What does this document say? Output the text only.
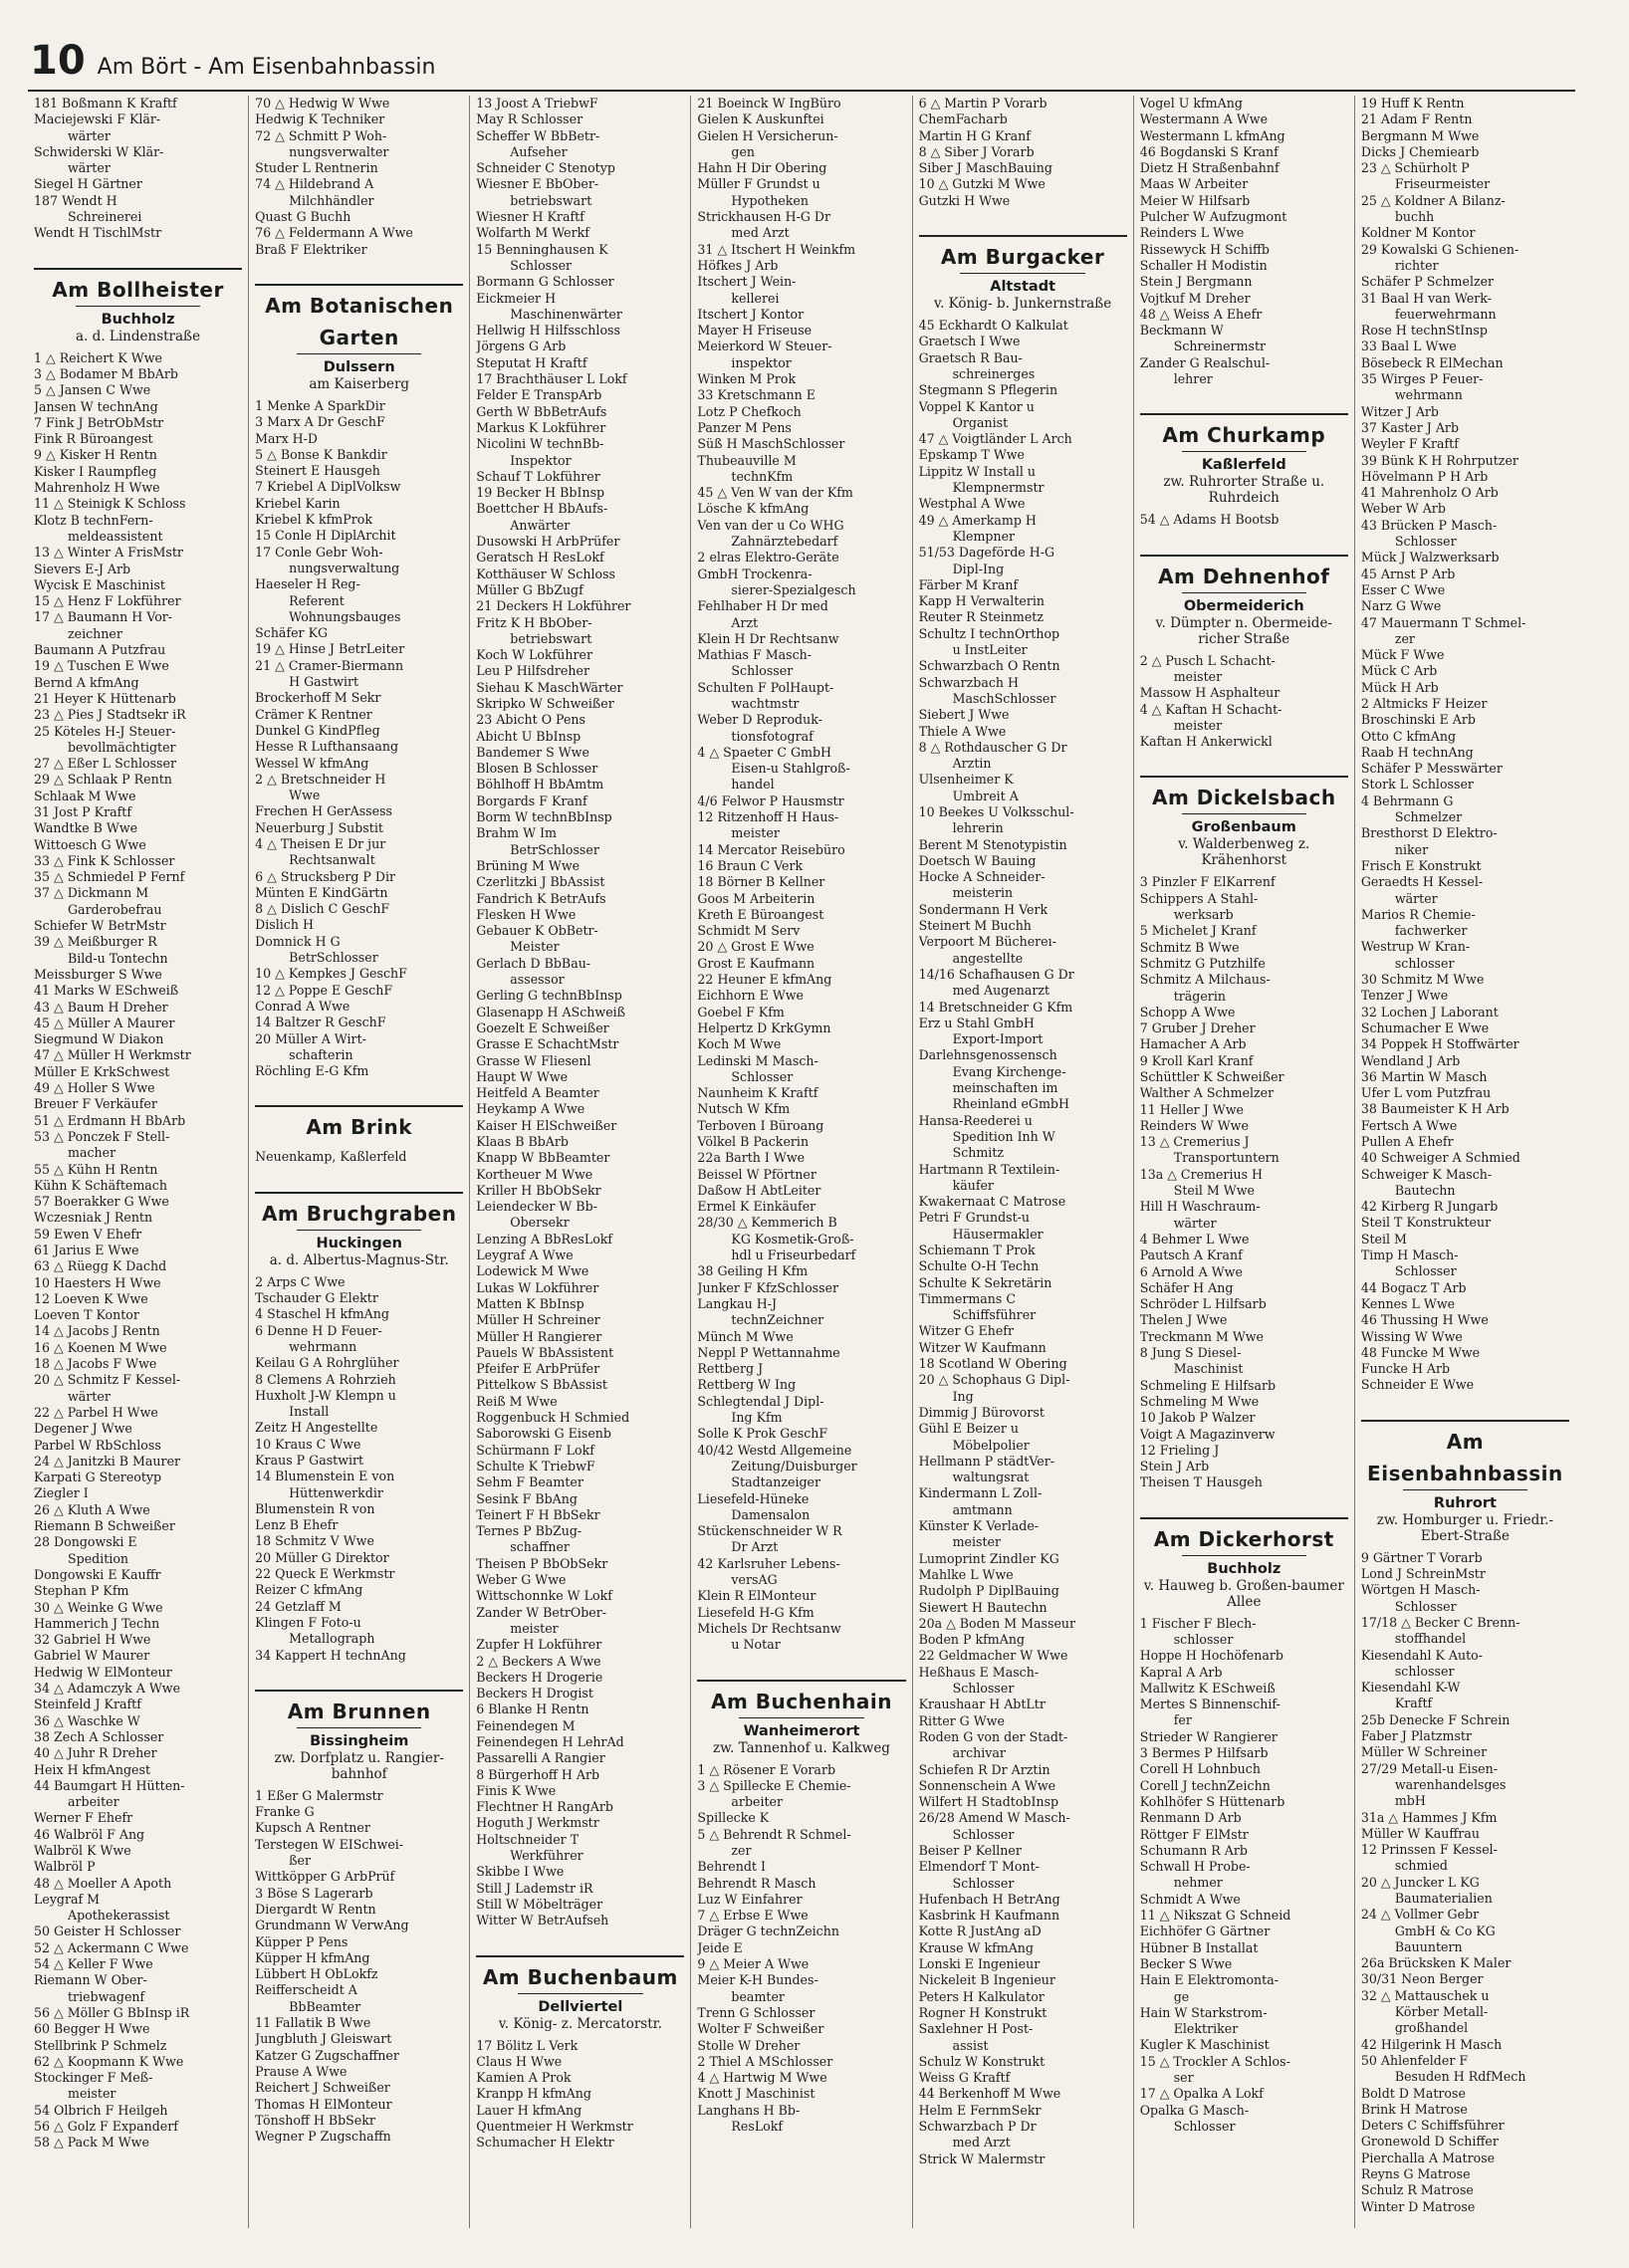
10 Am Bört - Am Eisenbahnbassin
181 Boßmann K Kraftf
Maciejewski F Klär-
wärter
Schwiderski W Klär-
wärter
Siegel H Gärtner
187 Wendt H
Schreinerei
Wendt H TischlMstr
Am Bollheister
Buchholz
a. d. Lindenstraße
1 △ Reichert K Wwe
3 △ Bodamer M BbArb
5 △ Jansen C Wwe
Jansen W technAng
7 Fink J BetrObMstr
Fink R Büroangest
9 △ Kisker H Rentn
Kisker I Raumpfleg
Mahrenholz H Wwe
11 △ Steinigk K Schloss
Klotz B technFern-
meldeassistent
13 △ Winter A FrisMstr
Sievers E-J Arb
Wycisk E Maschinist
15 △ Henz F Lokführer
17 △ Baumann H Vor-
zeichner
Baumann A Putzfrau
19 △ Tuschen E Wwe
Bernd A kfmAng
21 Heyer K Hüttenarb
23 △ Pies J Stadtsekr iR
25 Köteles H-J Steuer-
bevollmächtigter
27 △ Eßer L Schlosser
29 △ Schlaak P Rentn
Schlaak M Wwe
31 Jost P Kraftf
Wandtke B Wwe
Wittoesch G Wwe
33 △ Fink K Schlosser
35 △ Schmiedel P Fernf
37 △ Dickmann M
Garderobefrau
Schiefer W BetrMstr
39 △ Meißburger R
Bild-u Tontechn
Meissburger S Wwe
41 Marks W ESchweiß
43 △ Baum H Dreher
45 △ Müller A Maurer
Siegmund W Diakon
47 △ Müller H Werkmstr
Müller E KrkSchwest
49 △ Holler S Wwe
Breuer F Verkäufer
51 △ Erdmann H BbArb
53 △ Ponczek F Stell-
macher
55 △ Kühn H Rentn
Kühn K Schäftemach
57 Boerakker G Wwe
Wczesniak J Rentn
59 Ewen V Ehefr
61 Jarius E Wwe
63 △ Rüegg K Dachd
10 Haesters H Wwe
12 Loeven K Wwe
Loeven T Kontor
14 △ Jacobs J Rentn
16 △ Koenen M Wwe
18 △ Jacobs F Wwe
20 △ Schmitz F Kessel-
wärter
22 △ Parbel H Wwe
Degener J Wwe
Parbel W RbSchloss
24 △ Janitzki B Maurer
Karpati G Stereotyp
Ziegler I
26 △ Kluth A Wwe
Riemann B Schweißer
28 Dongowski E
Spedition
Dongowski E Kauffr
Stephan P Kfm
30 △ Weinke G Wwe
Hammerich J Techn
32 Gabriel H Wwe
Gabriel W Maurer
Hedwig W ElMonteur
34 △ Adamczyk A Wwe
Steinfeld J Kraftf
36 △ Waschke W
38 Zech A Schlosser
40 △ Juhr R Dreher
Heix H kfmAngest
44 Baumgart H Hütten-
arbeiter
Werner F Ehefr
46 Walbröl F Ang
Walbröl K Wwe
Walbröl P
48 △ Moeller A Apoth
Leygraf M
Apothekerassist
50 Geister H Schlosser
52 △ Ackermann C Wwe
54 △ Keller F Wwe
Riemann W Ober-
triebwagenf
56 △ Möller G BbInsp iR
60 Begger H Wwe
Stellbrink P Schmelz
62 △ Koopmann K Wwe
Stockinger F Meß-
meister
54 Olbrich F Heilgeh
56 △ Golz F Expanderf
58 △ Pack M Wwe
70 △ Hedwig W Wwe
Hedwig K Techniker
72 △ Schmitt P Woh-
nungsverwalter
Studer L Rentnerin
74 △ Hildebrand A
Milchhändler
Quast G Buchh
76 △ Feldermann A Wwe
Braß F Elektriker
Am Botanischen Garten
Dulssern
am Kaiserberg
1 Menke A SparkDir
3 Marx A Dr GeschF
Marx H-D
5 △ Bonse K Bankdir
Steinert E Hausgeh
7 Kriebel A DiplVolksw
Kriebel Karin
Kriebel K kfmProk
15 Conle H DiplArchit
17 Conle Gebr Woh-
nungsverwaltung
Haeseler H Reg-
Referent
Wohnungsbauges
Schäfer KG
19 △ Hinse J BetrLeiter
21 △ Cramer-Biermann
H Gastwirt
Brockerhoff M Sekr
Crämer K Rentner
Dunkel G KindPfleg
Hesse R Lufthansaang
Wessel W kfmAng
2 △ Bretschneider H
Wwe
Frechen H GerAssess
Neuerburg J Substit
4 △ Theisen E Dr jur
Rechtsanwalt
6 △ Strucksberg P Dir
Münten E KindGärtn
8 △ Dislich C GeschF
Dislich H
Domnick H G
BetrSchlosser
10 △ Kempkes J GeschF
12 △ Poppe E GeschF
Conrad A Wwe
14 Baltzer R GeschF
20 Müller A Wirt-
schafterin
Röchling E-G Kfm
Am Brink
Neuenkamp, Kaßlerfeld
Am Bruchgraben
Huckingen
a. d. Albertus-Magnus-Str.
2 Arps C Wwe
Tschauder G Elektr
4 Staschel H kfmAng
6 Denne H D Feuer-
wehrmann
Keilau G A Rohrglüher
8 Clemens A Rohrzieh
Huxholt J-W Klempn u
Install
Zeitz H Angestellte
10 Kraus C Wwe
Kraus P Gastwirt
14 Blumenstein E von
Hüttenwerkdir
Blumenstein R von
Lenz B Ehefr
18 Schmitz V Wwe
20 Müller G Direktor
22 Queck E Werkmstr
Reizer C kfmAng
24 Getzlaff M
Klingen F Foto-u
Metallograph
34 Kappert H technAng
Am Brunnen
Bissingheim
zw. Dorfplatz u. Rangier-bahnhof
1 Eßer G Malermstr
Franke G
Kupsch A Rentner
Terstegen W EISchwei-
ßer
Wittköpper G ArbPrüf
3 Böse S Lagerarb
Diergardt W Rentn
Grundmann W VerwAng
Küpper P Pens
Küpper H kfmAng
Lübbert H ObLokfz
Reifferscheidt A
BbBeamter
11 Fallatik B Wwe
Jungbluth J Gleiswart
Katzer G Zugschaffner
Prause A Wwe
Reichert J Schweißer
Thomas H ElMonteur
Tönshoff H BbSekr
Wegner P Zugschaffn
13 Joost A TriebwF
May R Schlosser
Scheffer W BbBetr-
Aufseher
Schneider C Stenotyp
Wiesner E BbOber-
betriebswart
Wiesner H Kraftf
Wolfarth M Werkf
15 Benninghausen K
Schlosser
Bormann G Schlosser
Eickmeier H
Maschinenwärter
Hellwig H Hilfsschloss
Jörgens G Arb
Steputat H Kraftf
17 Brachthäuser L Lokf
Felder E TranspArb
Gerth W BbBetrAufs
Markus K Lokführer
Nicolini W technBb-
Inspektor
Schauf T Lokführer
19 Becker H BbInsp
Boettcher H BbAufs-
Anwärter
Dusowski H ArbPrüfer
Geratsch H ResLokf
Kotthäuser W Schloss
Müller G BbZugf
21 Deckers H Lokführer
Fritz K H BbOber-
betriebswart
Koch W Lokführer
Leu P Hilfsdreher
Siehau K MaschWärter
Skripko W Schweißer
23 Abicht O Pens
Abicht U BbInsp
Bandemer S Wwe
Blosen B Schlosser
Böhlhoff H BbAmtm
Borgards F Kranf
Borm W technBbInsp
Brahm W Im
BetrSchlosser
Brüning M Wwe
Czerlitzki J BbAssist
Fandrich K BetrAufs
Flesken H Wwe
Gebauer K ObBetr-
Meister
Gerlach D BbBau-
assessor
Gerling G technBbInsp
Glasenapp H ASchweiß
Goezelt E Schweißer
Grasse E SchachtMstr
Grasse W Fliesenl
Haupt W Wwe
Heitfeld A Beamter
Heykamp A Wwe
Kaiser H ElSchweißer
Klaas B BbArb
Knapp W BbBeamter
Kortheuer M Wwe
Kriller H BbObSekr
Leiendecker W Bb-
Obersekr
Lenzing A BbResLokf
Leygraf A Wwe
Lodewick M Wwe
Lukas W Lokführer
Matten K BbInsp
Müller H Schreiner
Müller H Rangierer
Pauels W BbAssistent
Pfeifer E ArbPrüfer
Pittelkow S BbAssist
Reiß M Wwe
Roggenbuck H Schmied
Saborowski G Eisenb
Schürmann F Lokf
Schulte K TriebwF
Sehm F Beamter
Sesink F BbAng
Teinert F H BbSekr
Ternes P BbZug-
schaffner
Theisen P BbObSekr
Weber G Wwe
Wittschonnke W Lokf
Zander W BetrOber-
meister
Zupfer H Lokführer
2 △ Beckers A Wwe
Beckers H Drogerie
Beckers H Drogist
6 Blanke H Rentn
Feinendegen M
Feinendegen H LehrAd
Passarelli A Rangier
8 Bürgerhoff H Arb
Finis K Wwe
Flechtner H RangArb
Hoguth J Werkmstr
Holtschneider T
Werkführer
Skibbe I Wwe
Still J Lademstr iR
Still W Möbelträger
Witter W BetrAufseh
Am Buchenbaum
Dellviertel
v. König- z. Mercatorstr.
17 Bölitz L Verk
Claus H Wwe
Kamien A Prok
Kranpp H kfmAng
Lauer H kfmAng
Quentmeier H Werkmstr
Schumacher H Elektr
21 Boeinck W IngBüro
Gielen K Auskunftei
Gielen H Versicherun-
gen
Hahn H Dir Obering
Müller F Grundst u
Hypotheken
Strickhausen H-G Dr
med Arzt
31 △ Itschert H Weinkfm
Höfkes J Arb
Itschert J Wein-
kellerei
Itschert J Kontor
Mayer H Friseuse
Meierkord W Steuer-
inspektor
Winken M Prok
33 Kretschmann E
Lotz P Chefkoch
Panzer M Pens
Süß H MaschSchlosser
Thubeauville M
technKfm
45 △ Ven W van der Kfm
Lösche K kfmAng
Ven van der u Co WHG
Zahnärztebedarf
2 elras Elektro-Geräte
GmbH Trockenra-
sierer-Spezialgesch
Fehlhaber H Dr med
Arzt
Klein H Dr Rechtsanw
Mathias F Masch-
Schlosser
Schulten F PolHaupt-
wachtmstr
Weber D Reproduk-
tionsfotograf
4 △ Spaeter C GmbH
Eisen-u Stahlgroß-
handel
4/6 Felwor P Hausmstr
12 Ritzenhoff H Haus-
meister
14 Mercator Reisebüro
16 Braun C Verk
18 Börner B Kellner
Goos M Arbeiterin
Kreth E Büroangest
Schmidt M Serv
20 △ Grost E Wwe
Grost E Kaufmann
22 Heuner E kfmAng
Eichhorn E Wwe
Goebel F Kfm
Helpertz D KrkGymn
Koch M Wwe
Ledinski M Masch-
Schlosser
Naunheim K Kraftf
Nutsch W Kfm
Terboven I Büroang
Völkel B Packerin
22a Barth I Wwe
Beissel W Pförtner
Daßow H AbtLeiter
Ermel K Einkäufer
28/30 △ Kemmerich B
KG Kosmetik-Groß-
hdl u Friseurbedarf
38 Geiling H Kfm
Junker F KfzSchlosser
Langkau H-J
technZeichner
Münch M Wwe
Neppl P Wettannahme
Rettberg J
Rettberg W Ing
Schlegtendal J Dipl-
Ing Kfm
Solle K Prok GeschF
40/42 Westd Allgemeine
Zeitung/Duisburger
Stadtanzeiger
Liesefeld-Hüneke
Damensalon
Stückenschneider W R
Dr Arzt
42 Karlsruher Lebens-
versAG
Klein R ElMonteur
Liesefeld H-G Kfm
Michels Dr Rechtsanw
u Notar
Am Buchenhain
Wanheimerort
zw. Tannenhof u. Kalkweg
1 △ Rösener E Vorarb
3 △ Spillecke E Chemie-
arbeiter
Spillecke K
5 △ Behrendt R Schmel-
zer
Behrendt I
Behrendt R Masch
Luz W Einfahrer
7 △ Erbse E Wwe
Dräger G technZeichn
Jeide E
9 △ Meier A Wwe
Meier K-H Bundes-
beamter
Trenn G Schlosser
Wolter F Schweißer
Stolle W Dreher
2 Thiel A MSchlosser
4 △ Hartwig M Wwe
Knott J Maschinist
Langhans H Bb-
ResLokf
6 △ Martin P Vorarb
ChemFacharb
Martin H G Kranf
8 △ Siber J Vorarb
Siber J MaschBauing
10 △ Gutzki M Wwe
Gutzki H Wwe
Am Burgacker
Altstadt
v. König- b. Junkernstraße
45 Eckhardt O Kalkulat
Graetsch I Wwe
Graetsch R Bau-
schreinerges
Stegmann S Pflegerin
Voppel K Kantor u
Organist
47 △ Voigtländer L Arch
Epskamp T Wwe
Lippitz W Install u
Klempnermstr
Westphal A Wwe
49 △ Amerkamp H
Klempner
51/53 Dageförde H-G
Dipl-Ing
Färber M Kranf
Kapp H Verwalterin
Reuter R Steinmetz
Schultz I technOrthop
u InstLeiter
Schwarzbach O Rentn
Schwarzbach H
MaschSchlosser
Siebert J Wwe
Thiele A Wwe
8 △ Rothdauscher G Dr
Arztin
Ulsenheimer K
Umbreit A
10 Beekes U Volksschul-
lehrerin
Berent M Stenotypistin
Doetsch W Bauing
Hocke A Schneider-
meisterin
Sondermann H Verk
Steinert M Buchh
Verpoort M Büchereı-
angestellte
14/16 Schafhausen G Dr
med Augenarzt
14 Bretschneider G Kfm
Erz u Stahl GmbH
Export-Import
Darlehnsgenossensch
Evang Kirchenge-
meinschaften im
Rheinland eGmbH
Hansa-Reederei u
Spedition Inh W
Schmitz
Hartmann R Textilein-
käufer
Kwakernaat C Matrose
Petri F Grundst-u
Häusermakler
Schiemann T Prok
Schulte O-H Techn
Schulte K Sekretärin
Timmermans C
Schiffsführer
Witzer G Ehefr
Witzer W Kaufmann
18 Scotland W Obering
20 △ Schophaus G Dipl-
Ing
Dimmig J Bürovorst
Gühl E Beizer u
Möbelpolier
Hellmann P städtVer-
waltungsrat
Kindermann L Zoll-
amtmann
Künster K Verlade-
meister
Lumoprint Zindler KG
Mahlke L Wwe
Rudolph P DiplBauing
Siewert H Bautechn
20a △ Boden M Masseur
Boden P kfmAng
22 Geldmacher W Wwe
Heßhaus E Masch-
Schlosser
Kraushaar H AbtLtr
Ritter G Wwe
Roden G von der Stadt-
archivar
Schiefen R Dr Arztin
Sonnenschein A Wwe
Wilfert H StadtobInsp
26/28 Amend W Masch-
Schlosser
Beiser P Kellner
Elmendorf T Mont-
Schlosser
Hufenbach H BetrAng
Kasbrink H Kaufmann
Kotte R JustAng aD
Krause W kfmAng
Lonski E Ingenieur
Nickeleit B Ingenieur
Peters H Kalkulator
Rogner H Konstrukt
Saxlehner H Post-
assist
Schulz W Konstrukt
Weiss G Kraftf
44 Berkenhoff M Wwe
Helm E FernmSekr
Schwarzbach P Dr
med Arzt
Strick W Malermstr
Vogel U kfmAng
Westermann A Wwe
Westermann L kfmAng
46 Bogdanski S Kranf
Dietz H Straßenbahnf
Maas W Arbeiter
Meier W Hilfsarb
Pulcher W Aufzugmont
Reinders L Wwe
Rissewyck H Schiffb
Schaller H Modistin
Stein J Bergmann
Vojtkuf M Dreher
48 △ Weiss A Ehefr
Beckmann W
Schreinermstr
Zander G Realschul-
lehrer
Am Churkamp
Kaßlerfeld
zw. Ruhrorter Straße u. Ruhrdeich
54 △ Adams H Bootsb
Am Dehnenhof
Obermeiderich
v. Dümpter n. Obermeide-richer Straße
2 △ Pusch L Schacht-
meister
Massow H Asphalteur
4 △ Kaftan H Schacht-
meister
Kaftan H Ankerwickl
Am Dickelsbach
Großenbaum
v. Walderbenweg z. Krähenhorst
3 Pinzler F ElKarrenf
Schippers A Stahl-
werksarb
5 Michelet J Kranf
Schmitz B Wwe
Schmitz G Putzhilfe
Schmitz A Milchaus-
trägerin
Schopp A Wwe
7 Gruber J Dreher
Hamacher A Arb
9 Kroll Karl Kranf
Schüttler K Schweißer
Walther A Schmelzer
11 Heller J Wwe
Reinders W Wwe
13 △ Cremerius J
Transportuntern
13a △ Cremerius H
Steil M Wwe
Hill H Waschraum-
wärter
4 Behmer L Wwe
Pautsch A Kranf
6 Arnold A Wwe
Schäfer H Ang
Schröder L Hilfsarb
Thelen J Wwe
Treckmann M Wwe
8 Jung S Diesel-
Maschinist
Schmeling E Hilfsarb
Schmeling M Wwe
10 Jakob P Walzer
Voigt A Magazinverw
12 Frieling J
Stein J Arb
Theisen T Hausgeh
Am Dickerhorst
Buchholz
v. Hauweg b. Großen-baumer Allee
1 Fischer F Blech-
schlosser
Hoppe H Hochöfenarb
Kapral A Arb
Mallwitz K ESchweiß
Mertes S Binnenschif-
fer
Strieder W Rangierer
3 Bermes P Hilfsarb
Corell H Lohnbuch
Corell J technZeichn
Kohlhöfer S Hüttenarb
Renmann D Arb
Röttger F ElMstr
Schumann R Arb
Schwall H Probe-
nehmer
Schmidt A Wwe
11 △ Nikszat G Schneid
Eichhöfer G Gärtner
Hübner B Installat
Becker S Wwe
Hain E Elektromonta-
ge
Hain W Starkstrom-
Elektriker
Kugler K Maschinist
15 △ Trockler A Schlos-
ser
17 △ Opalka A Lokf
Opalka G Masch-
Schlosser
19 Huff K Rentn
21 Adam F Rentn
Bergmann M Wwe
Dicks J Chemiearb
23 △ Schürholt P
Friseurmeister
25 △ Koldner A Bilanz-
buchh
Koldner M Kontor
29 Kowalski G Schienen-
richter
Schäfer P Schmelzer
31 Baal H van Werk-
feuerwehrmann
Rose H technStInsp
33 Baal L Wwe
Bösebeck R ElMechan
35 Wirges P Feuer-
wehrmann
Witzer J Arb
37 Kaster J Arb
Weyler F Kraftf
39 Bünk K H Rohrputzer
Hövelmann P H Arb
41 Mahrenholz O Arb
Weber W Arb
43 Brücken P Masch-
Schlosser
Mück J Walzwerksarb
45 Arnst P Arb
Esser C Wwe
Narz G Wwe
47 Mauermann T Schmel-
zer
Mück F Wwe
Mück C Arb
Mück H Arb
2 Altmicks F Heizer
Broschinski E Arb
Otto C kfmAng
Raab H technAng
Schäfer P Messwärter
Stork L Schlosser
4 Behrmann G
Schmelzer
Bresthorst D Elektro-
niker
Frisch E Konstrukt
Geraedts H Kessel-
wärter
Marios R Chemie-
fachwerker
Westrup W Kran-
schlosser
30 Schmitz M Wwe
Tenzer J Wwe
32 Lochen J Laborant
Schumacher E Wwe
34 Poppek H Stoffwärter
Wendland J Arb
36 Martin W Masch
Ufer L vom Putzfrau
38 Baumeister K H Arb
Fertsch A Wwe
Pullen A Ehefr
40 Schweiger A Schmied
Schweiger K Masch-
Bautechn
42 Kirberg R Jungarb
Steil T Konstrukteur
Steil M
Timp H Masch-
Schlosser
44 Bogacz T Arb
Kennes L Wwe
46 Thussing H Wwe
Wissing W Wwe
48 Funcke M Wwe
Funcke H Arb
Schneider E Wwe
Am Eisenbahnbassin
Ruhrort
zw. Homburger u. Friedr.-Ebert-Straße
9 Gärtner T Vorarb
Lond J SchreinMstr
Wörtgen H Masch-
Schlosser
17/18 △ Becker C Brenn-
stoffhandel
Kiesendahl K Auto-
schlosser
Kiesendahl K-W
Kraftf
25b Denecke F Schrein
Faber J Platzmstr
Müller W Schreiner
27/29 Metall-u Eisen-
warenhandelsges
mbH
31a △ Hammes J Kfm
Müller W Kauffrau
12 Prinssen F Kessel-
schmied
20 △ Juncker L KG
Baumaterialien
24 △ Vollmer Gebr
GmbH & Co KG
Bauuntern
26a Brücksken K Maler
30/31 Neon Berger
32 △ Mattauschek u
Körber Metall-
großhandel
42 Hilgerink H Masch
50 Ahlenfelder F
Besuden H RdfMech
Boldt D Matrose
Brink H Matrose
Deters C Schiffsführer
Gronewold D Schiffer
Pierchalla A Matrose
Reyns G Matrose
Schulz R Matrose
Winter D Matrose
